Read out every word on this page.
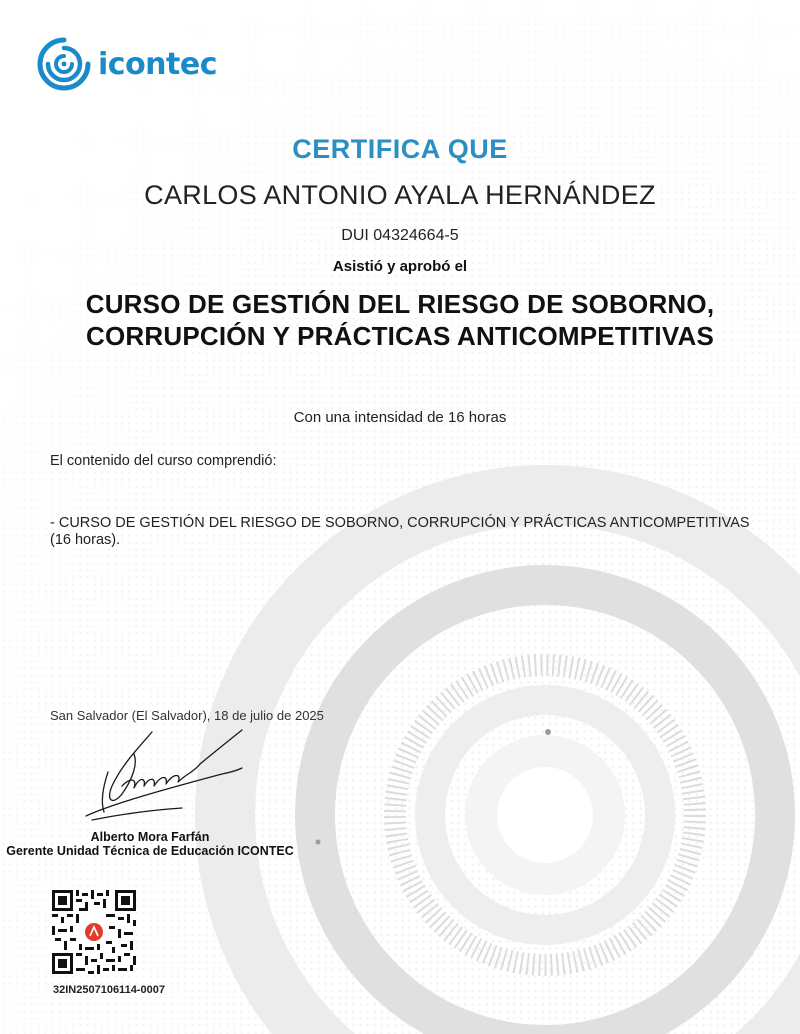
icontec
CERTIFICA QUE
CARLOS ANTONIO AYALA HERNÁNDEZ
DUI 04324664-5
Asistió y aprobó el
CURSO DE GESTIÓN DEL RIESGO DE SOBORNO,
CORRUPCIÓN Y PRÁCTICAS ANTICOMPETITIVAS
Con una intensidad de 16 horas
El contenido del curso comprendió:
- CURSO DE GESTIÓN DEL RIESGO DE SOBORNO, CORRUPCIÓN Y PRÁCTICAS ANTICOMPETITIVAS (16 horas).
San Salvador (El Salvador), 18 de julio de 2025
Alberto Mora Farfán
Gerente Unidad Técnica de Educación ICONTEC
32IN2507106114-0007
